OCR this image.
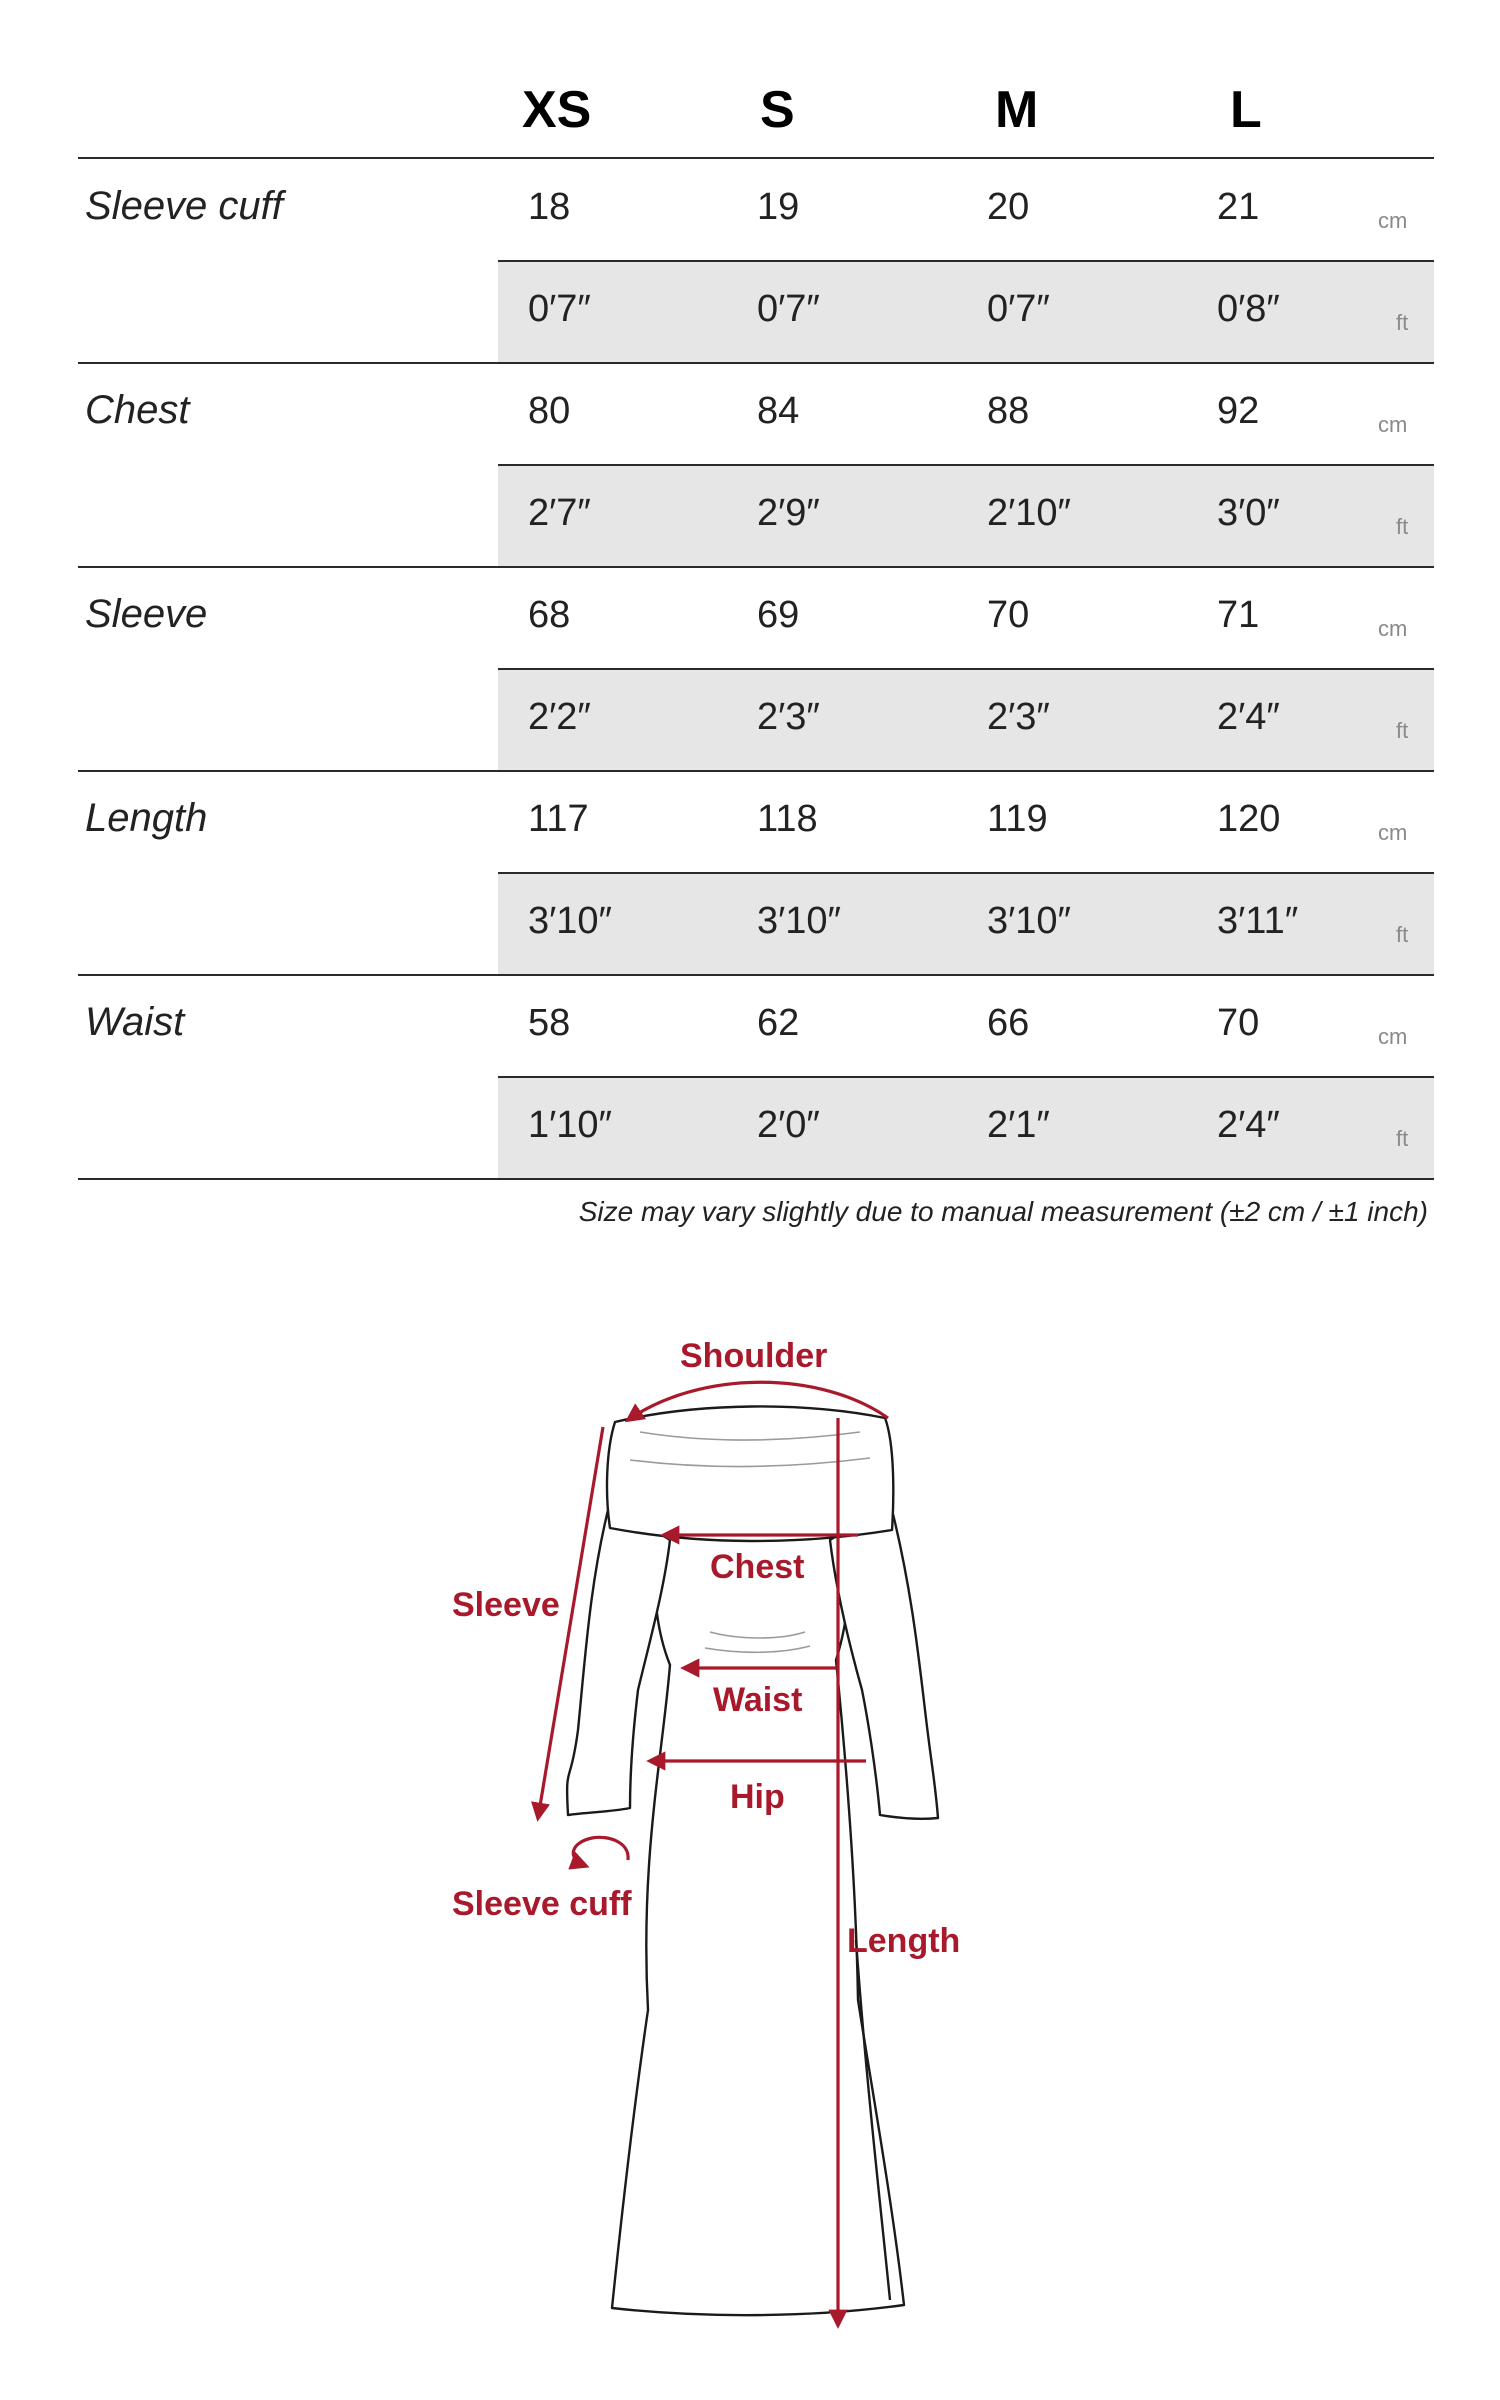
XS	S	M	L
Sleeve cuff	18	19	20	21	cm
0′7″	0′7″	0′7″	0′8″	ft
Chest	80	84	88	92	cm
2′7″	2′9″	2′10″	3′0″	ft
Sleeve	68	69	70	71	cm
2′2″	2′3″	2′3″	2′4″	ft
Length	117	118	119	120	cm
3′10″	3′10″	3′10″	3′11″	ft
Waist	58	62	66	70	cm
1′10″	2′0″	2′1″	2′4″	ft
Size may vary slightly due to manual measurement (±2 cm / ±1 inch)
Shoulder
Chest
Sleeve
Waist
Hip
Sleeve cuff
Length
